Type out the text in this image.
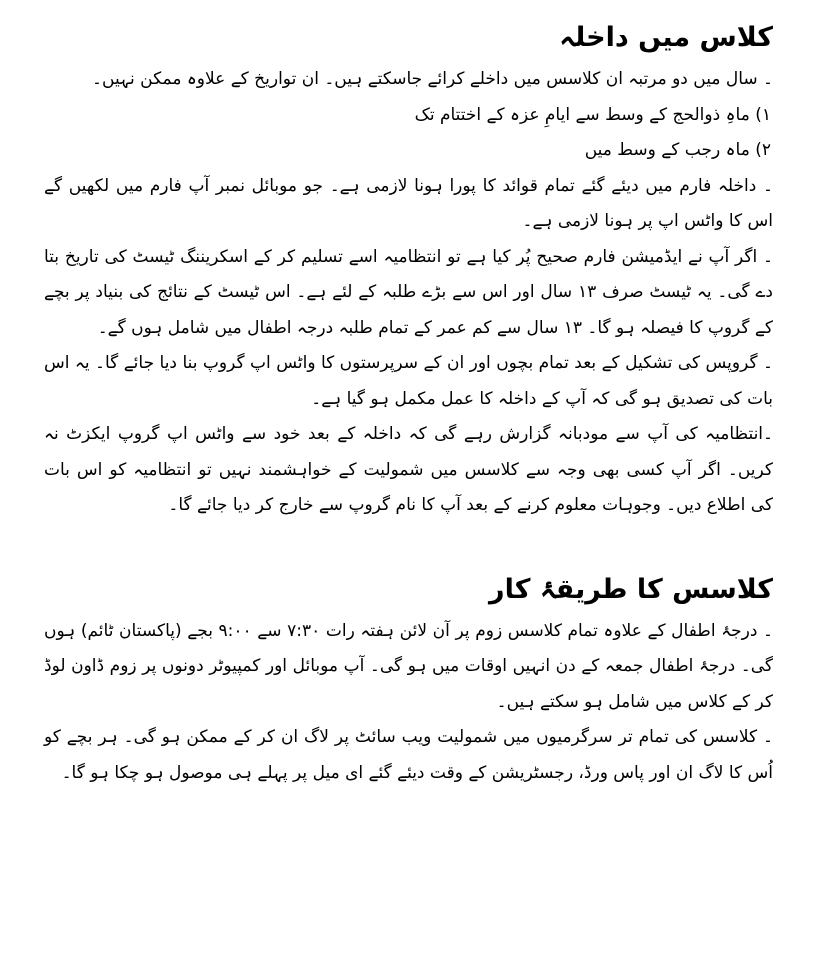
کلاس میں داخلہ

۔ سال میں دو مرتبہ ان کلاسس میں داخلے کرائے جاسکتے ہیں۔ ان تواریخ کے علاوہ ممکن نہیں۔

۱) ماہِ ذوالحج کے وسط سے ایامِ عزہ کے اختتام تک

۲) ماہ رجب کے وسط میں

۔ داخلہ فارم میں دیئے گئے تمام قوائد کا پورا ہونا لازمی ہے۔ جو موبائل نمبر آپ فارم میں لکھیں گے اس کا واٹس اپ پر ہونا لازمی ہے۔

۔ اگر آپ نے ایڈمیشن فارم صحیح پُر کیا ہے تو انتظامیہ اسے تسلیم کر کے اسکریننگ ٹیسٹ کی تاریخ بتا دے گی۔ یہ ٹیسٹ صرف ۱۳ سال اور اس سے بڑے طلبہ کے لئے ہے۔ اس ٹیسٹ کے نتائج کی بنیاد پر بچے کے گروپ کا فیصلہ ہو گا۔ ۱۳ سال سے کم عمر کے تمام طلبہ درجہ اطفال میں شامل ہوں گے۔

۔ گروپس کی تشکیل کے بعد تمام بچوں اور ان کے سرپرستوں کا واٹس اپ گروپ بنا دیا جائے گا۔ یہ اس بات کی تصدیق ہو گی کہ آپ کے داخلہ کا عمل مکمل ہو گیا ہے۔

۔انتظامیہ کی آپ سے مودبانہ گزارش رہے گی کہ داخلہ کے بعد خود سے واٹس اپ گروپ ایکزٹ نہ کریں۔ اگر آپ کسی بھی وجہ سے کلاسس میں شمولیت کے خواہشمند نہیں تو انتظامیہ کو اس بات کی اطلاع دیں۔ وجوہات معلوم کرنے کے بعد آپ کا نام گروپ سے خارج کر دیا جائے گا۔

کلاسس کا طریقۂ کار

۔ درجۂ اطفال کے علاوہ تمام کلاسس زوم پر آن لائن ہفتہ رات ۷:۳۰ سے ۹:۰۰ بجے (پاکستان ٹائم) ہوں گی۔ درجۂ اطفال جمعہ کے دن انہیں اوقات میں ہو گی۔ آپ موبائل اور کمپیوٹر دونوں پر زوم ڈاون لوڈ کر کے کلاس میں شامل ہو سکتے ہیں۔

۔ کلاسس کی تمام تر سرگرمیوں میں شمولیت ویب سائٹ پر لاگ ان کر کے ممکن ہو گی۔ ہر بچے کو اُس کا لاگ ان اور پاس ورڈ، رجسٹریشن کے وقت دیئے گئے ای میل پر پہلے ہی موصول ہو چکا ہو گا۔
